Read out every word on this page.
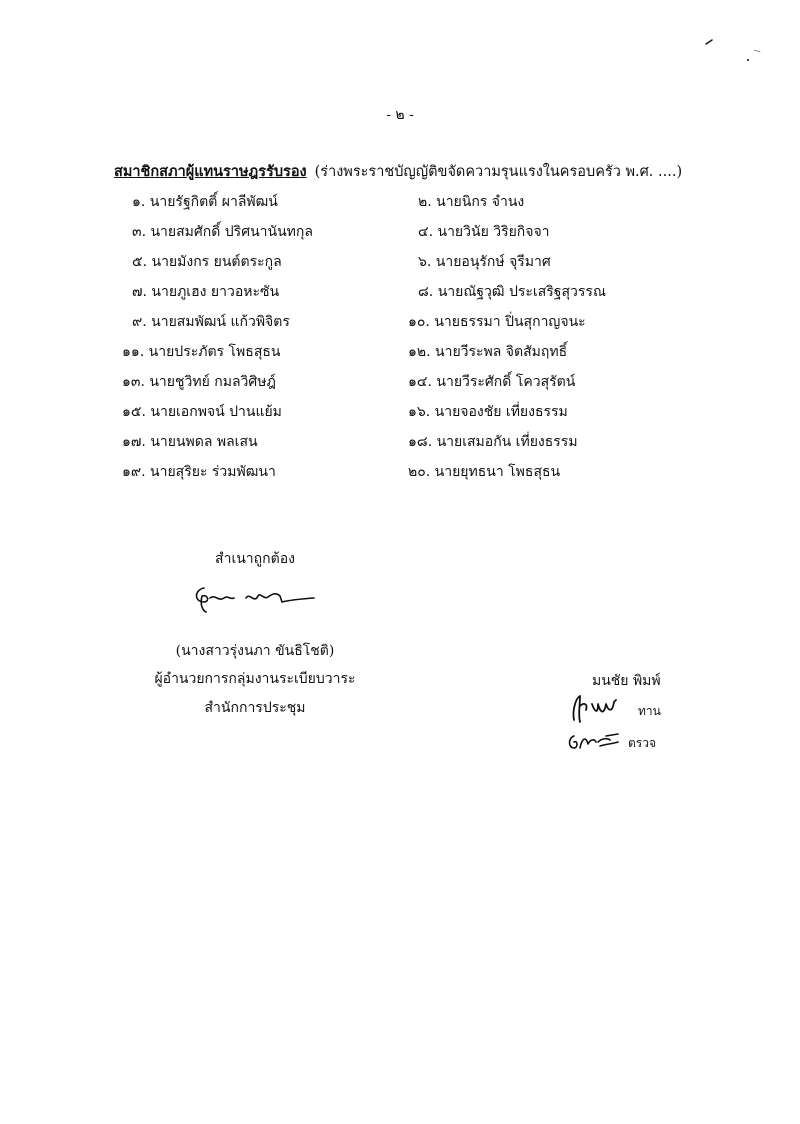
- ๒ -
สมาชิกสภาผู้แทนราษฎรรับรอง (ร่างพระราชบัญญัติขจัดความรุนแรงในครอบครัว พ.ศ. ....)
๑. นายรัฐกิตติ์ ผาลีพัฒน์	๒. นายนิกร จำนง
๓. นายสมศักดิ์ ปริศนานันทกุล	๔. นายวินัย วิริยกิจจา
๕. นายมังกร ยนต์ตระกูล	๖. นายอนุรักษ์ จุรีมาศ
๗. นายภูเฮง ยาวอหะซัน	๘. นายณัฐวุฒิ ประเสริฐสุวรรณ
๙. นายสมพัฒน์ แก้วพิจิตร	๑๐. นายธรรมา ปิ่นสุกาญจนะ
๑๑. นายประภัตร โพธสุธน	๑๒. นายวีระพล จิตสัมฤทธิ์
๑๓. นายชูวิทย์ กมลวิศิษฎ์	๑๔. นายวีระศักดิ์ โควสุรัตน์
๑๕. นายเอกพจน์ ปานแย้ม	๑๖. นายจองชัย เที่ยงธรรม
๑๗. นายนพดล พลเสน	๑๘. นายเสมอกัน เที่ยงธรรม
๑๙. นายสุริยะ ร่วมพัฒนา	๒๐. นายยุทธนา โพธสุธน
สำเนาถูกต้อง
(นางสาวรุ่งนภา ขันธิโชติ)
ผู้อำนวยการกลุ่มงานระเบียบวาระ
สำนักการประชุม
มนชัย พิมพ์
ทาน
ตรวจ
